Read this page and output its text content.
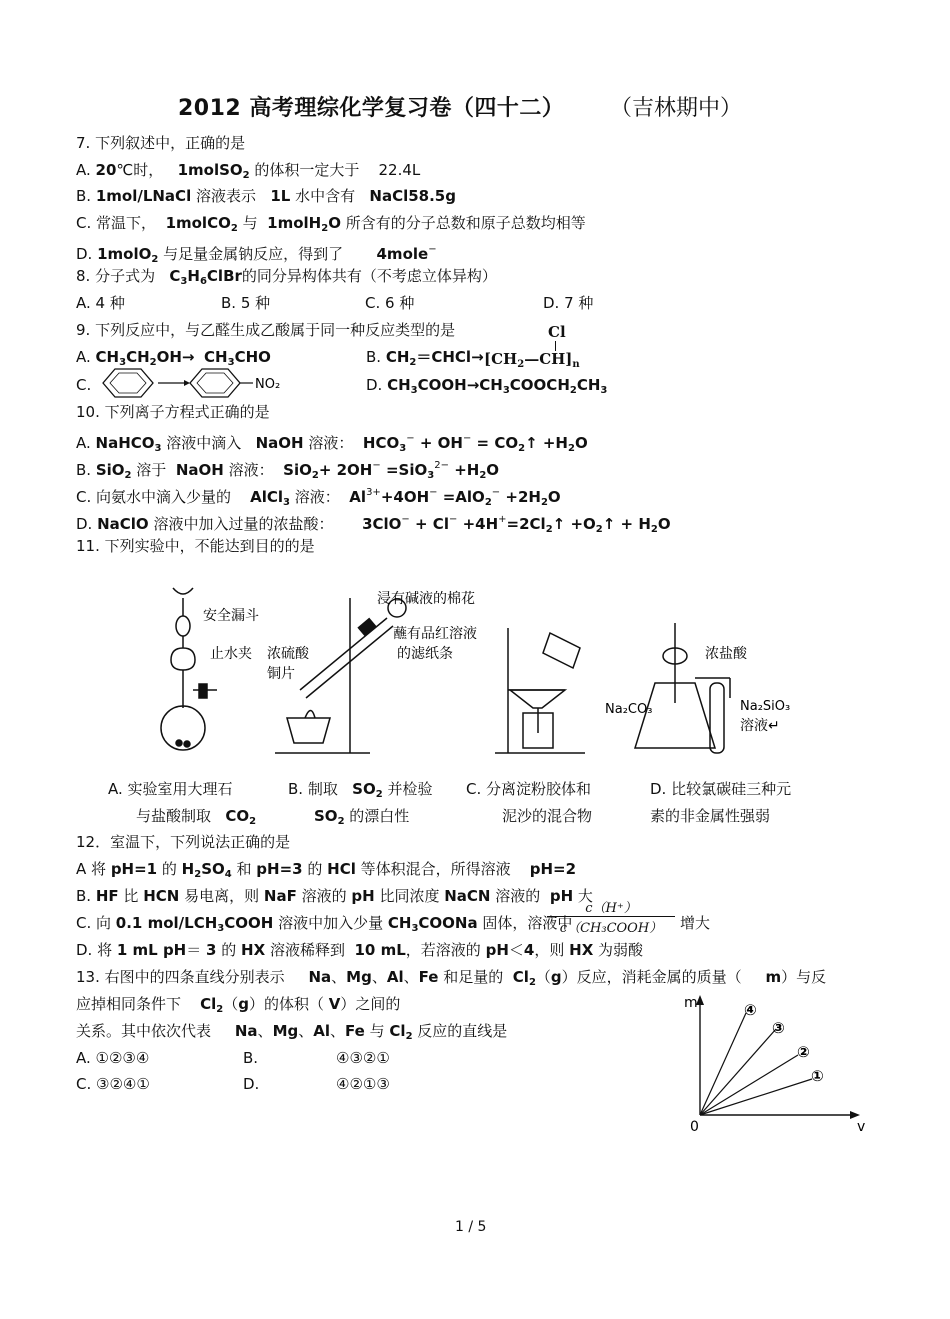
2012 高考理综化学复习卷（四十二） （吉林期中）
7. 下列叙述中，正确的是
A. 20℃时， 1molSO$_2$ 的体积一定大于 22.4L
B. 1mol/LNaCl 溶液表示 1L 水中含有 NaCl58.5g
C. 常温下， 1molCO$_2$ 与 1molH$_2$O 所含有的分子总数和原子总数均相等
D. 1molO$_2$ 与足量金属钠反应，得到了 4mole−
8. 分子式为 $C_3H_6ClBr$的同分异构体共有（不考虑立体异构）
A. 4 种	B. 5 种	C. 6 种	D. 7 种
9. 下列反应中，与乙醛生成乙酸属于同一种反应类型的是
A. $CH_3CH_2OH\to CH_3CHO$	B. $CH_2=CHCl\to$
Cl
$[CH_2—CH]_n$
C.	NO₂	D. $CH_3COOH\to CH_3COOCH_2CH_3$
10. 下列离子方程式正确的是
A. NaHCO$_3$ 溶液中滴入 NaOH 溶液： $HCO_3^- + OH^-$ = $CO_2↑ +H_2O$
B. SiO$_2$ 溶于 NaOH 溶液： $SiO_2+ 2OH^- =SiO_3^{2-} +H_2O$
C. 向氨水中滴入少量的 AlCl$_3$ 溶液： $Al^{3+}+4OH^- =AlO_2^- +2H_2O$
D. NaClO 溶液中加入过量的浓盐酸： $3ClO^- + Cl^- +4H^+=2Cl_2↑$ $+O_2↑ + H_2O$
11. 下列实验中，不能达到目的的是
安全漏斗
止水夹 浓硫酸
铜片
浸有碱液的棉花
蘸有品红溶液
的滤纸条	浓盐酸
Na₂CO₃	Na₂SiO₃
溶液↵
A. 实验室用大理石
与盐酸制取 $CO_2$
B. 制取 $SO_2$ 并检验
$SO_2$ 的漂白性
C. 分离淀粉胶体和
泥沙的混合物
D. 比较氯碳硅三种元
素的非金属性强弱
12．室温下，下列说法正确的是
A 将 pH=1 的 $H_2SO_4$ 和 pH=3 的 HCl 等体积混合，所得溶液 pH=2
B. HF 比 HCN 易电离，则 NaF 溶液的 pH 比同浓度 NaCN 溶液的 pH 大
C. 向 0.1 mol/$LCH_3COOH$ 溶液中加入少量 $CH_3COONa$ 固体，溶液中
c（H⁺）
c（CH₃COOH）	增大
D. 将 1 mL pH＝ 3 的 HX 溶液稀释到 10 mL，若溶液的 pH＜4，则 HX 为弱酸
13. 右图中的四条直线分别表示 Na、Mg、Al、Fe 和足量的 $Cl_2(g)$反应，消耗金属的质量（ m）与反
应掉相同条件下 $Cl_2(g)$的体积（ V）之间的
关系。其中依次代表 Na、Mg、Al、Fe 与 $Cl_2$ 反应的直线是
A. ①②③④	B.	④③②①
C. ③②④①	D.	④②①③
m
v
0
④
③
②
①
1 / 5
